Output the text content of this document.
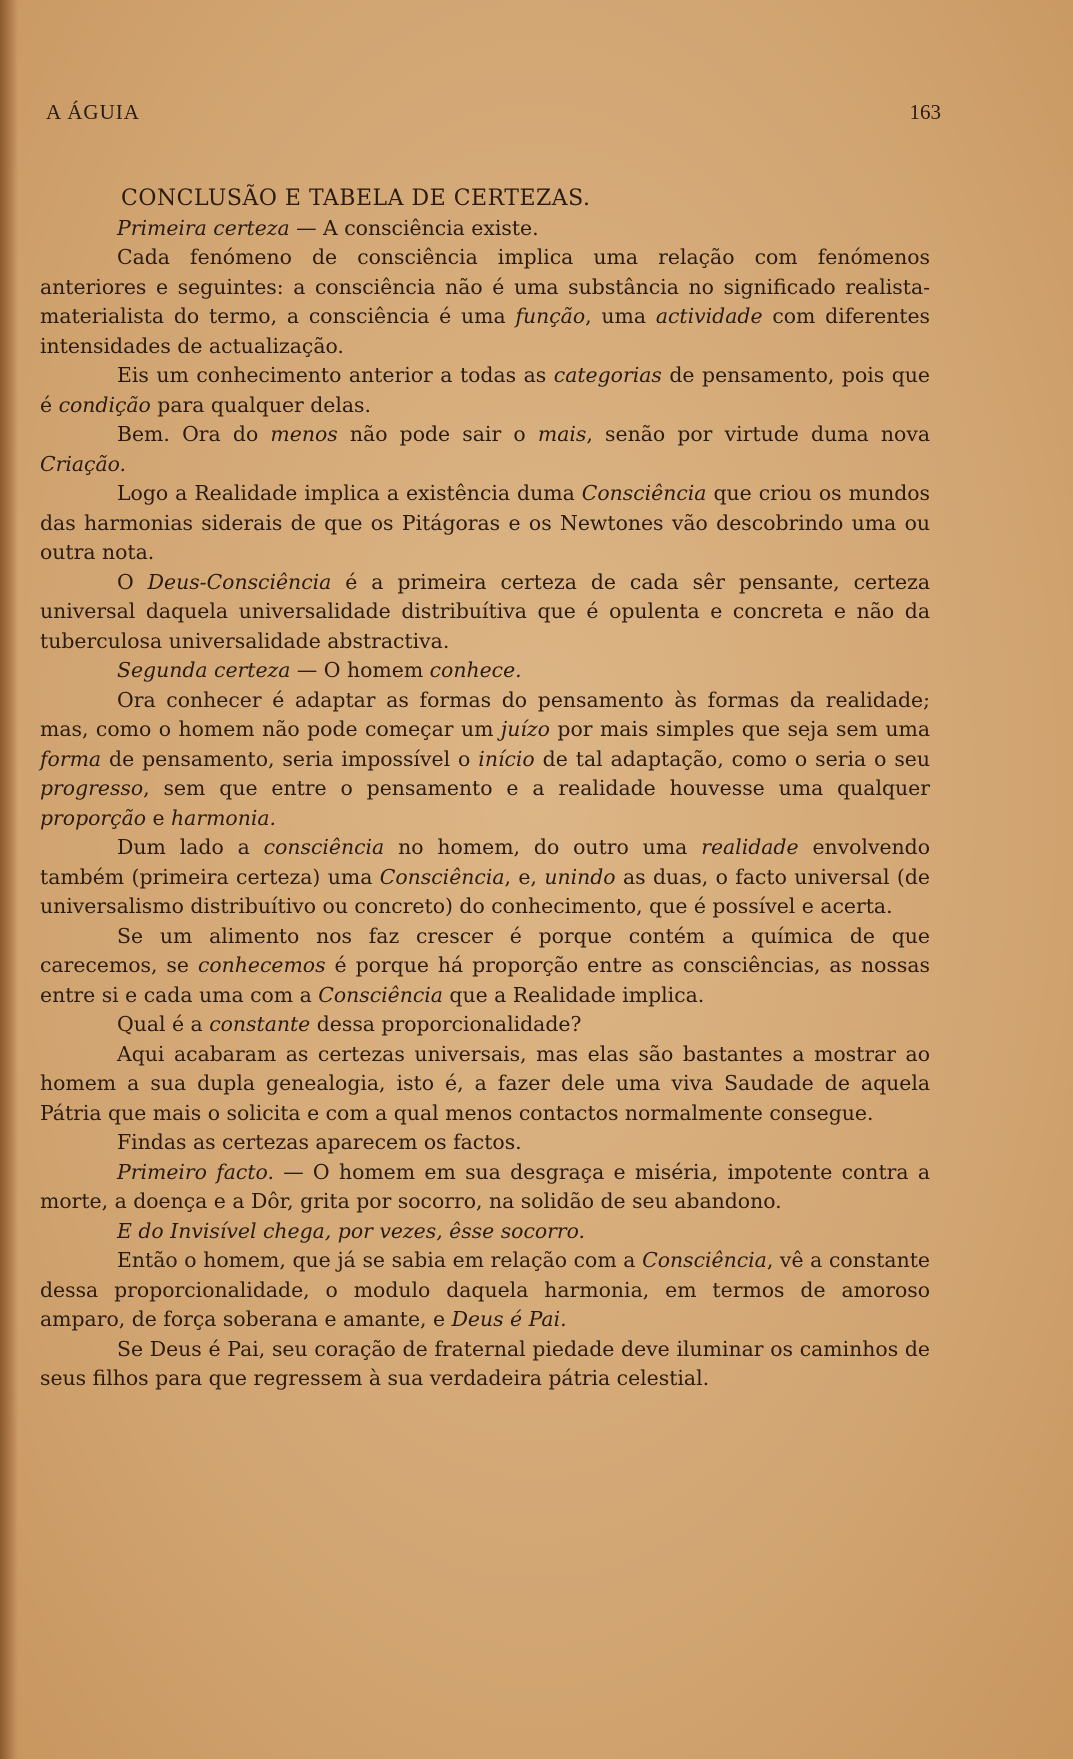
A ÁGUIA	163

CONCLUSÃO E TABELA DE CERTEZAS.

Primeira certeza — A consciência existe.

Cada fenómeno de consciência implica uma relação com fenómenos anteriores e seguintes: a consciência não é uma substância no significado realista-materialista do termo, a consciência é uma função, uma actividade com diferentes intensidades de actualização.

Eis um conhecimento anterior a todas as categorias de pensamento, pois que é condição para qualquer delas.

Bem. Ora do menos não pode sair o mais, senão por virtude duma nova Criação.

Logo a Realidade implica a existência duma Consciência que criou os mundos das harmonias siderais de que os Pitágoras e os Newtones vão descobrindo uma ou outra nota.

O Deus-Consciência é a primeira certeza de cada sêr pensante, certeza universal daquela universalidade distribuítiva que é opulenta e concreta e não da tuberculosa universalidade abstractiva.

Segunda certeza — O homem conhece.

Ora conhecer é adaptar as formas do pensamento às formas da realidade; mas, como o homem não pode começar um juízo por mais simples que seja sem uma forma de pensamento, seria impossível o início de tal adaptação, como o seria o seu progresso, sem que entre o pensamento e a realidade houvesse uma qualquer proporção e harmonia.

Dum lado a consciência no homem, do outro uma realidade envolvendo também (primeira certeza) uma Consciência, e, unindo as duas, o facto universal (de universalismo distribuítivo ou concreto) do conhecimento, que é possível e acerta.

Se um alimento nos faz crescer é porque contém a química de que carecemos, se conhecemos é porque há proporção entre as consciências, as nossas entre si e cada uma com a Consciência que a Realidade implica.

Qual é a constante dessa proporcionalidade?

Aqui acabaram as certezas universais, mas elas são bastantes a mostrar ao homem a sua dupla genealogia, isto é, a fazer dele uma viva Saudade de aquela Pátria que mais o solicita e com a qual menos contactos normalmente consegue.

Findas as certezas aparecem os factos.

Primeiro facto. — O homem em sua desgraça e miséria, impotente contra a morte, a doença e a Dôr, grita por socorro, na solidão de seu abandono.

E do Invisível chega, por vezes, êsse socorro.

Então o homem, que já se sabia em relação com a Consciência, vê a constante dessa proporcionalidade, o modulo daquela harmonia, em termos de amoroso amparo, de força soberana e amante, e Deus é Pai.

Se Deus é Pai, seu coração de fraternal piedade deve iluminar os caminhos de seus filhos para que regressem à sua verdadeira pátria celestial.
